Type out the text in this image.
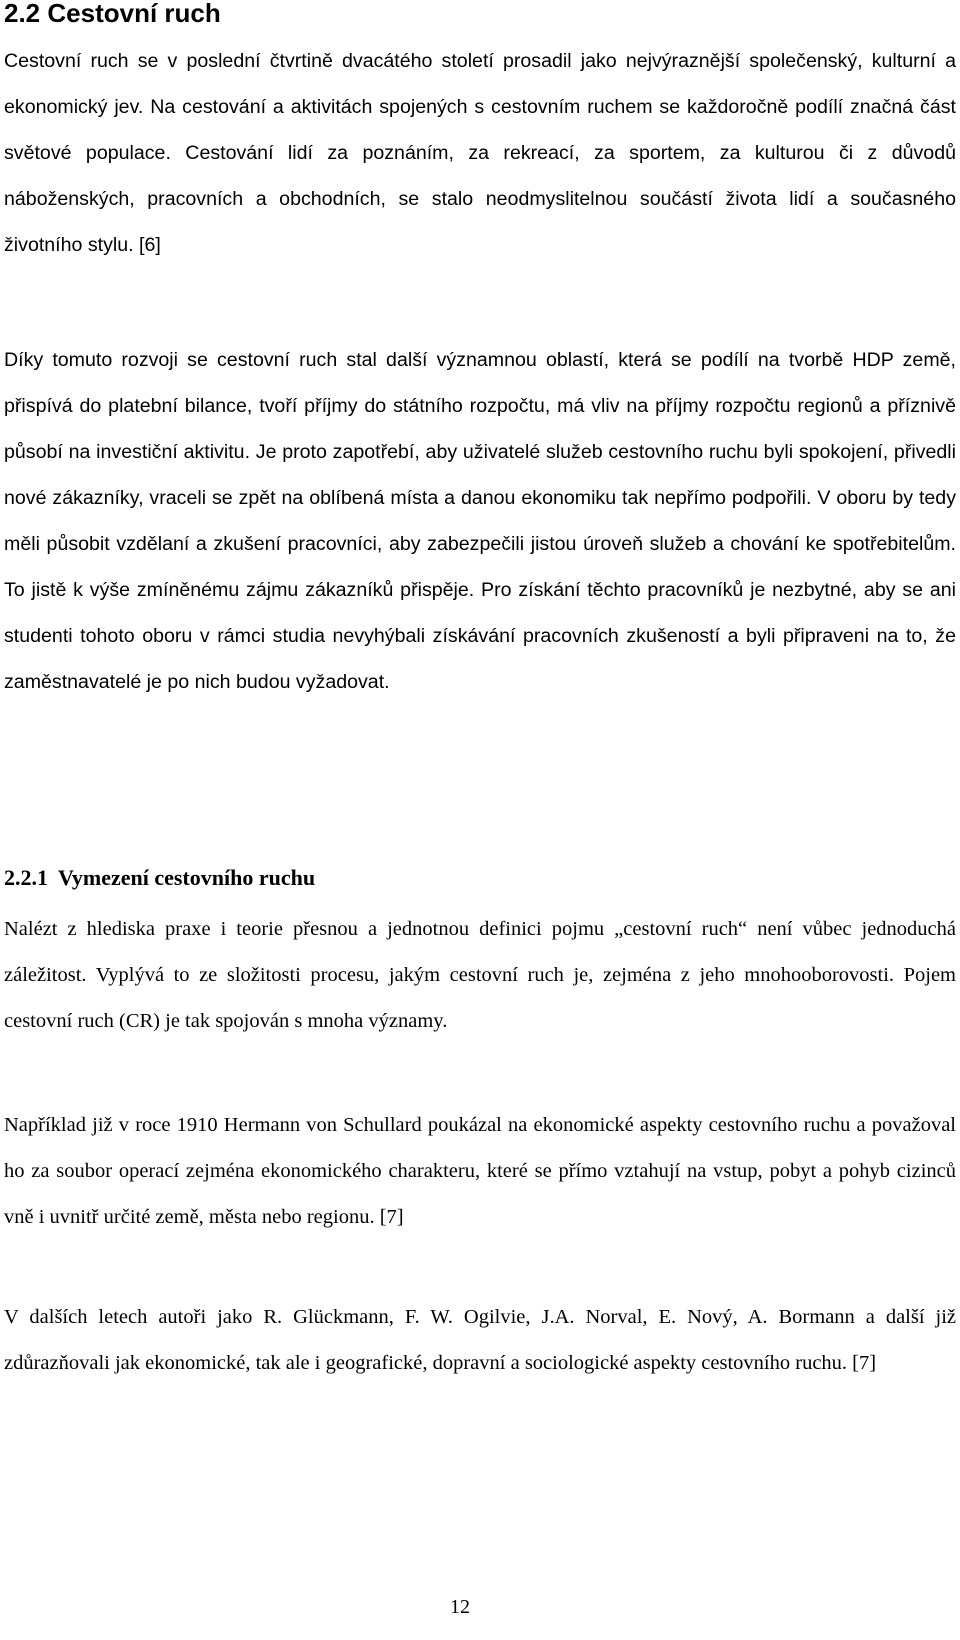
2.2 Cestovní ruch

Cestovní ruch se v poslední čtvrtině dvacátého století prosadil jako nejvýraznější společenský, kulturní a ekonomický jev. Na cestování a aktivitách spojených s cestovním ruchem se každoročně podílí značná část světové populace. Cestování lidí za poznáním, za rekreací, za sportem, za kulturou či z důvodů náboženských, pracovních a obchodních, se stalo neodmyslitelnou součástí života lidí a současného životního stylu. [6]

Díky tomuto rozvoji se cestovní ruch stal další významnou oblastí, která se podílí na tvorbě HDP země, přispívá do platební bilance, tvoří příjmy do státního rozpočtu, má vliv na příjmy rozpočtu regionů a příznivě působí na investiční aktivitu. Je proto zapotřebí, aby uživatelé služeb cestovního ruchu byli spokojení, přivedli nové zákazníky, vraceli se zpět na oblíbená místa a danou ekonomiku tak nepřímo podpořili. V oboru by tedy měli působit vzdělaní a zkušení pracovníci, aby zabezpečili jistou úroveň služeb a chování ke spotřebitelům. To jistě k výše zmíněnému zájmu zákazníků přispěje. Pro získání těchto pracovníků je nezbytné, aby se ani studenti tohoto oboru v rámci studia nevyhýbali získávání pracovních zkušeností a byli připraveni na to, že zaměstnavatelé je po nich budou vyžadovat.

2.2.1 Vymezení cestovního ruchu

Nalézt z hlediska praxe i teorie přesnou a jednotnou definici pojmu „cestovní ruch“ není vůbec jednoduchá záležitost. Vyplývá to ze složitosti procesu, jakým cestovní ruch je, zejména z jeho mnohooborovosti. Pojem cestovní ruch (CR) je tak spojován s mnoha významy.

Například již v roce 1910 Hermann von Schullard poukázal na ekonomické aspekty cestovního ruchu a považoval ho za soubor operací zejména ekonomického charakteru, které se přímo vztahují na vstup, pobyt a pohyb cizinců vně i uvnitř určité země, města nebo regionu. [7]

V dalších letech autoři jako R. Glückmann, F. W. Ogilvie, J.A. Norval, E. Nový, A. Bormann a další již zdůrazňovali jak ekonomické, tak ale i geografické, dopravní a sociologické aspekty cestovního ruchu. [7]

12
